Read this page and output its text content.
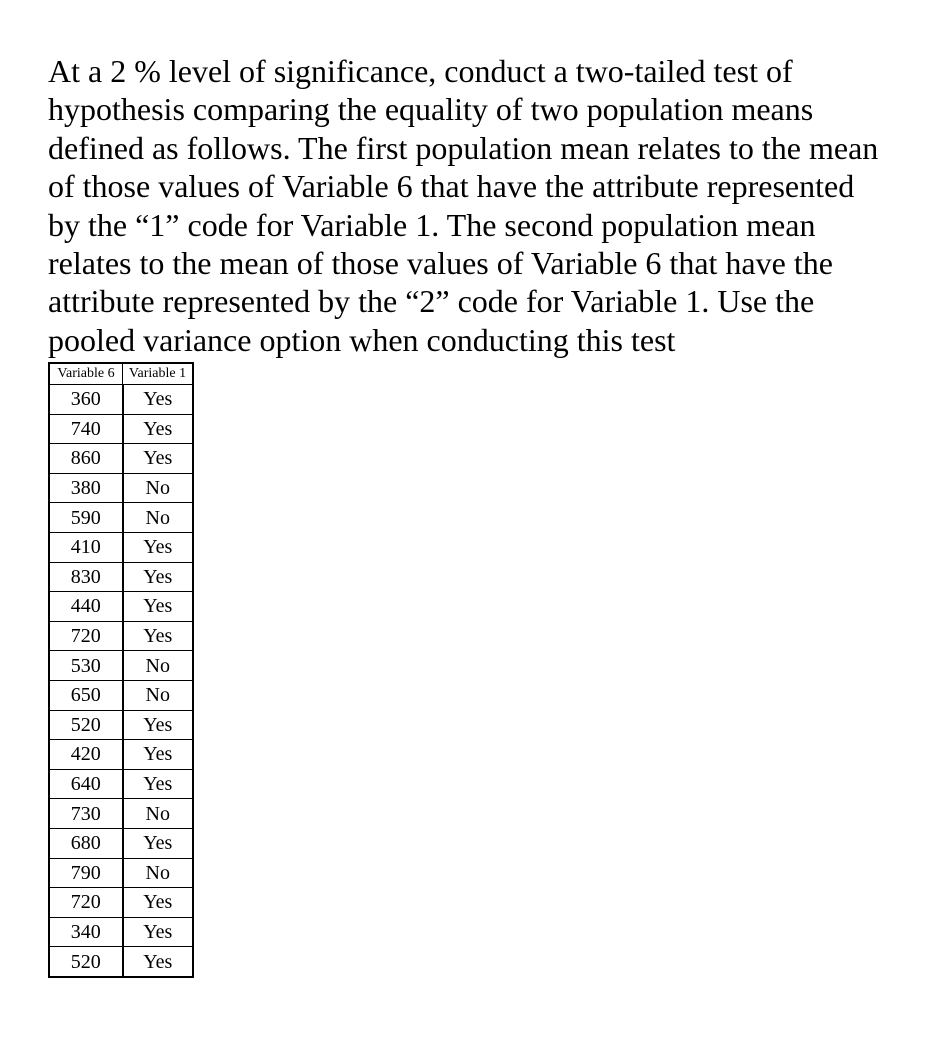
At a 2 % level of significance, conduct a two-tailed test of
hypothesis comparing the equality of two population means
defined as follows. The first population mean relates to the mean
of those values of Variable 6 that have the attribute represented
by the “1” code for Variable 1. The second population mean
relates to the mean of those values of Variable 6 that have the
attribute represented by the “2” code for Variable 1. Use the
pooled variance option when conducting this test

Variable 6	Variable 1
360	Yes
740	Yes
860	Yes
380	No
590	No
410	Yes
830	Yes
440	Yes
720	Yes
530	No
650	No
520	Yes
420	Yes
640	Yes
730	No
680	Yes
790	No
720	Yes
340	Yes
520	Yes
